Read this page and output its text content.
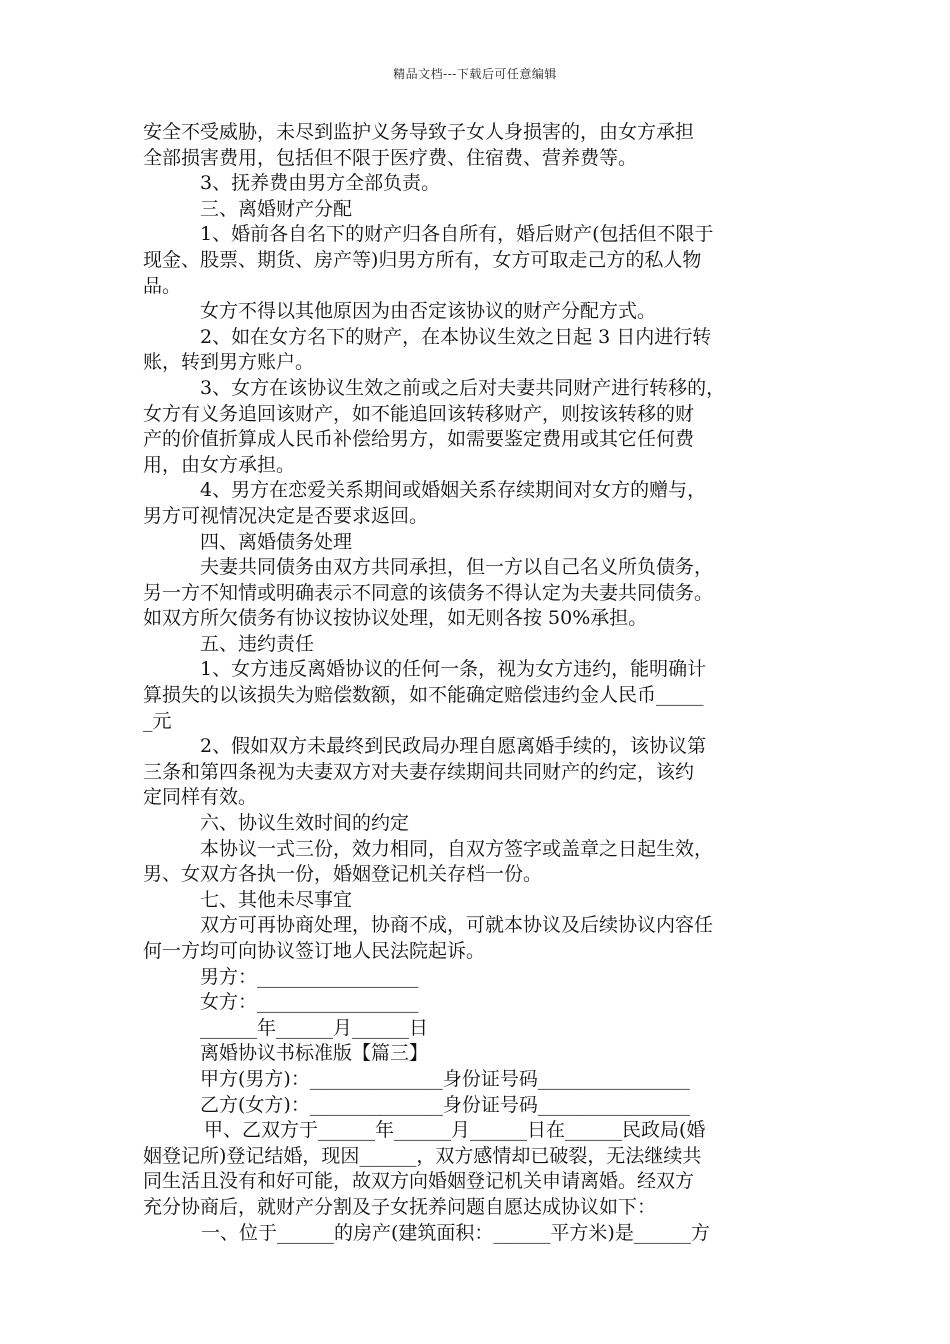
精品文档---下载后可任意编辑
安全不受威胁，未尽到监护义务导致子女人身损害的，由女方承担
全部损害费用，包括但不限于医疗费、住宿费、营养费等。
3、抚养费由男方全部负责。
三、离婚财产分配
1、婚前各自名下的财产归各自所有，婚后财产(包括但不限于
现金、股票、期货、房产等)归男方所有，女方可取走己方的私人物
品。
女方不得以其他原因为由否定该协议的财产分配方式。
2、如在女方名下的财产，在本协议生效之日起 3 日内进行转
账，转到男方账户。
3、女方在该协议生效之前或之后对夫妻共同财产进行转移的，
女方有义务追回该财产，如不能追回该转移财产，则按该转移的财
产的价值折算成人民币补偿给男方，如需要鉴定费用或其它任何费
用，由女方承担。
4、男方在恋爱关系期间或婚姻关系存续期间对女方的赠与，
男方可视情况决定是否要求返回。
四、离婚债务处理
夫妻共同债务由双方共同承担，但一方以自己名义所负债务，
另一方不知情或明确表示不同意的该债务不得认定为夫妻共同债务。
如双方所欠债务有协议按协议处理，如无则各按 50%承担。
五、违约责任
1、女方违反离婚协议的任何一条，视为女方违约，能明确计
算损失的以该损失为赔偿数额，如不能确定赔偿违约金人民币_____
_元
2、假如双方未最终到民政局办理自愿离婚手续的，该协议第
三条和第四条视为夫妻双方对夫妻存续期间共同财产的约定，该约
定同样有效。
六、协议生效时间的约定
本协议一式三份，效力相同，自双方签字或盖章之日起生效，
男、女双方各执一份，婚姻登记机关存档一份。
七、其他未尽事宜
双方可再协商处理，协商不成，可就本协议及后续协议内容任
何一方均可向协议签订地人民法院起诉。
男方：_________________
女方：_________________
______年______月______日
离婚协议书标准版【篇三】
甲方(男方)：______________身份证号码________________
乙方(女方)：______________身份证号码________________
甲、乙双方于______年______月______日在______民政局(婚
姻登记所)登记结婚，现因______，双方感情却已破裂，无法继续共
同生活且没有和好可能，故双方向婚姻登记机关申请离婚。经双方
充分协商后，就财产分割及子女抚养问题自愿达成协议如下：
一、位于______的房产(建筑面积：______平方米)是______方
